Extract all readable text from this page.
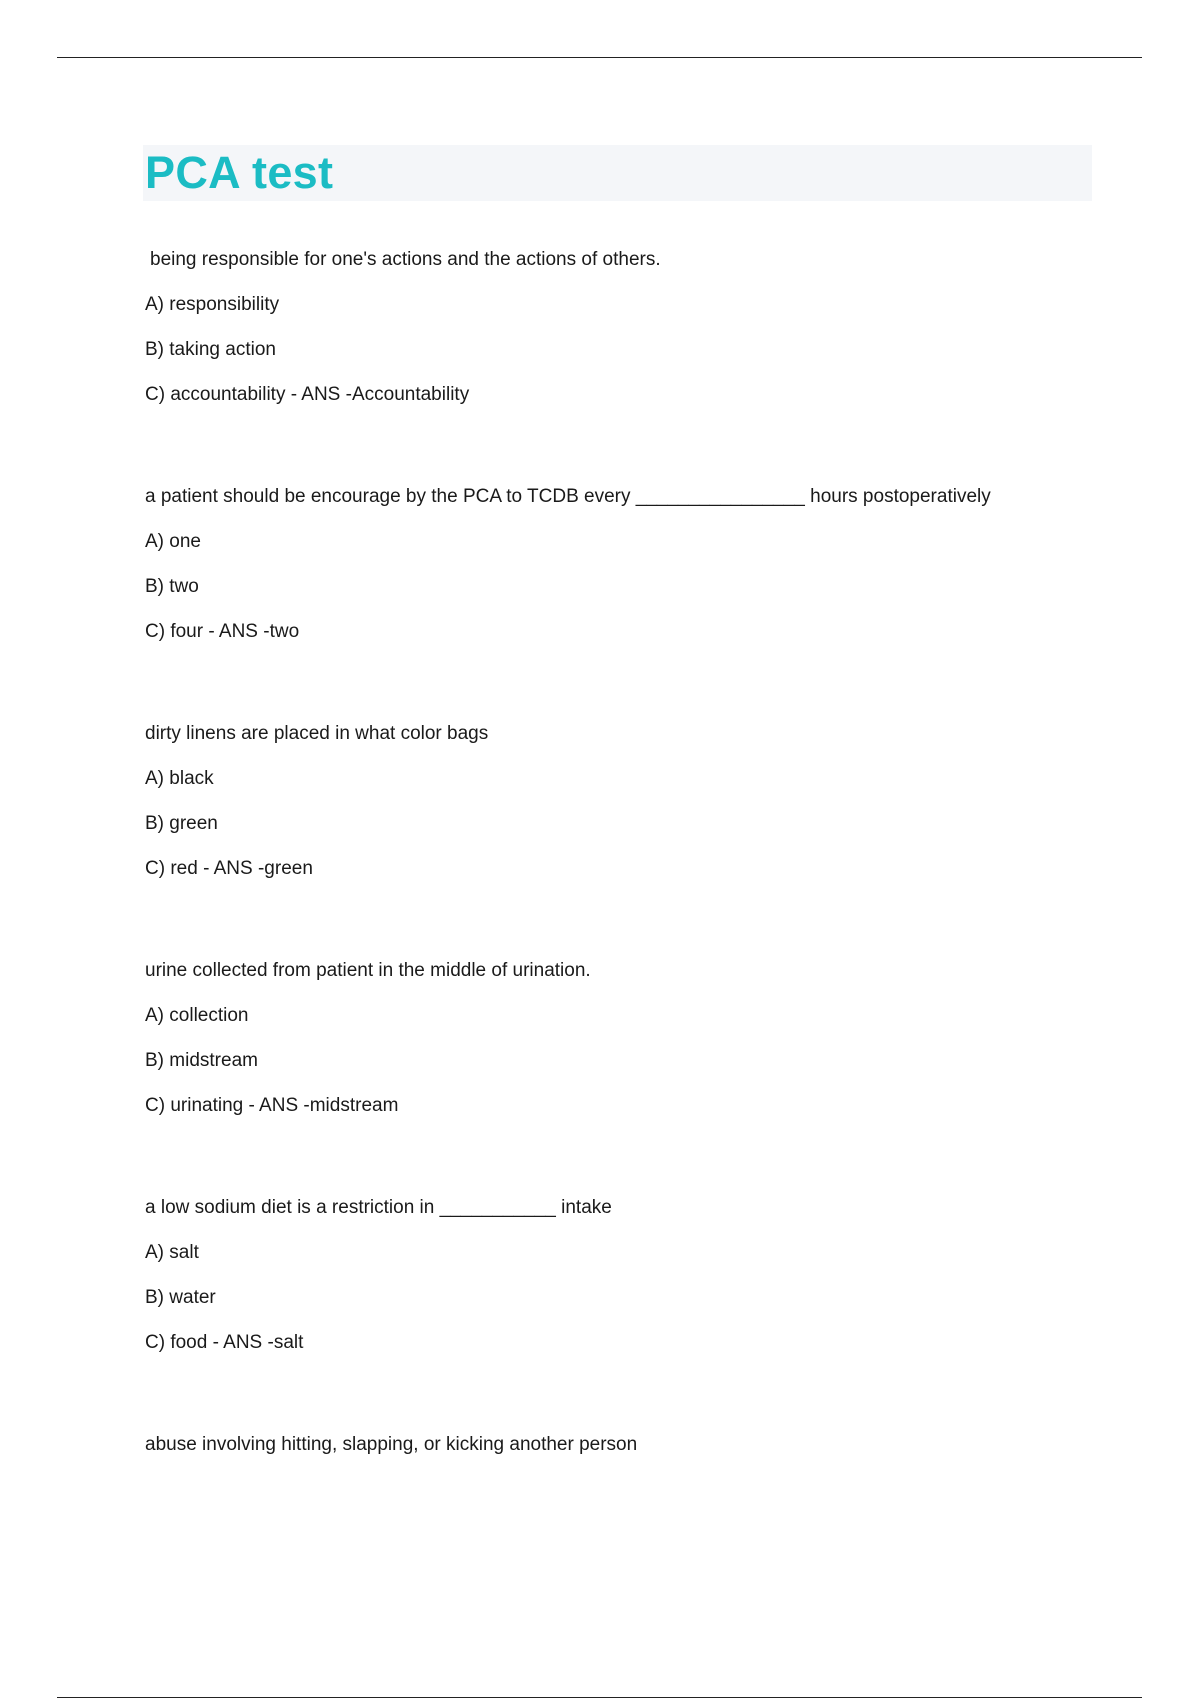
PCA test

being responsible for one's actions and the actions of others.

A) responsibility

B) taking action

C) accountability - ANS -Accountability

a patient should be encourage by the PCA to TCDB every ________________ hours postoperatively

A) one

B) two

C) four - ANS -two

dirty linens are placed in what color bags

A) black

B) green

C) red - ANS -green

urine collected from patient in the middle of urination.

A) collection

B) midstream

C) urinating - ANS -midstream

a low sodium diet is a restriction in ___________ intake

A) salt

B) water

C) food - ANS -salt

abuse involving hitting, slapping, or kicking another person
